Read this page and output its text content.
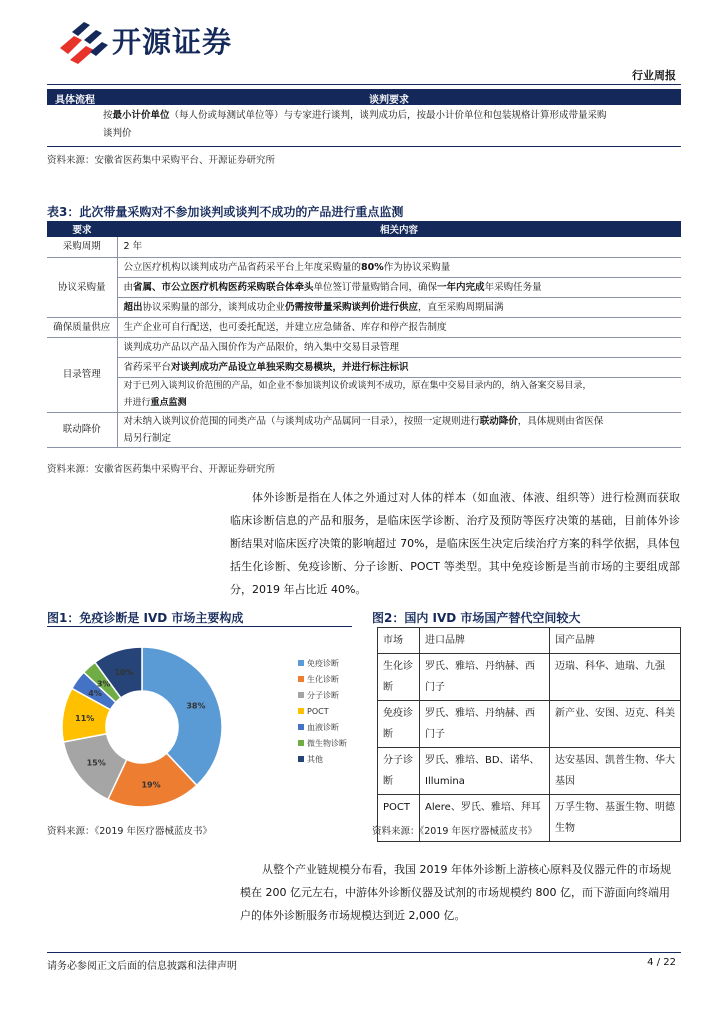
开源证券
行业周报
具体流程	谈判要求
按最小计价单位（每人份或每测试单位等）与专家进行谈判，谈判成功后，按最小计价单位和包装规格计算形成带量采购
谈判价
资料来源：安徽省医药集中采购平台、开源证券研究所
表3：此次带量采购对不参加谈判或谈判不成功的产品进行重点监测
要求	相关内容
采购周期	2 年
协议采购量	公立医疗机构以谈判成功产品省药采平台上年度采购量的80%作为协议采购量
	由省属、市公立医疗机构医药采购联合体牵头单位签订带量购销合同，确保一年内完成年采购任务量
	超出协议采购量的部分，谈判成功企业仍需按带量采购谈判价进行供应，直至采购周期届满
确保质量供应	生产企业可自行配送，也可委托配送，并建立应急储备、库存和停产报告制度
目录管理	谈判成功产品以产品入围价作为产品限价，纳入集中交易目录管理
	省药采平台对谈判成功产品设立单独采购交易模块，并进行标注标识
	对于已列入谈判议价范围的产品，如企业不参加谈判议价或谈判不成功，原在集中交易目录内的，纳入备案交易目录，
并进行重点监测
联动降价	对未纳入谈判议价范围的同类产品（与谈判成功产品属同一目录），按照一定规则进行联动降价，具体规则由省医保
局另行制定
资料来源：安徽省医药集中采购平台、开源证券研究所
体外诊断是指在人体之外通过对人体的样本（如血液、体液、组织等）进行检测而获取临床诊断信息的产品和服务，是临床医学诊断、治疗及预防等医疗决策的基础，目前体外诊断结果对临床医疗决策的影响超过 70%，是临床医生决定后续治疗方案的科学依据，具体包括生化诊断、免疫诊断、分子诊断、POCT 等类型。其中免疫诊断是当前市场的主要组成部分，2019 年占比近 40%。
图1：免疫诊断是 IVD 市场主要构成	图2：国内 IVD 市场国产替代空间较大
38%
19%
15%
11%
4%
3%
10%
免疫诊断
生化诊断
分子诊断
POCT
血液诊断
微生物诊断
其他
市场	进口品牌	国产品牌
生化诊断	罗氏、雅培、丹纳赫、西门子	迈瑞、科华、迪瑞、九强
免疫诊断	罗氏、雅培、丹纳赫、西门子	新产业、安图、迈克、科美
分子诊断	罗氏、雅培、BD、诺华、Illumina	达安基因、凯普生物、华大基因
POCT	Alere、罗氏、雅培、拜耳	万孚生物、基蛋生物、明德生物
资料来源：《2019 年医疗器械蓝皮书》	资料来源：《2019 年医疗器械蓝皮书》
从整个产业链规模分布看，我国 2019 年体外诊断上游核心原料及仪器元件的市场规模在 200 亿元左右，中游体外诊断仪器及试剂的市场规模约 800 亿，而下游面向终端用户的体外诊断服务市场规模达到近 2,000 亿。
请务必参阅正文后面的信息披露和法律声明	4 / 22
